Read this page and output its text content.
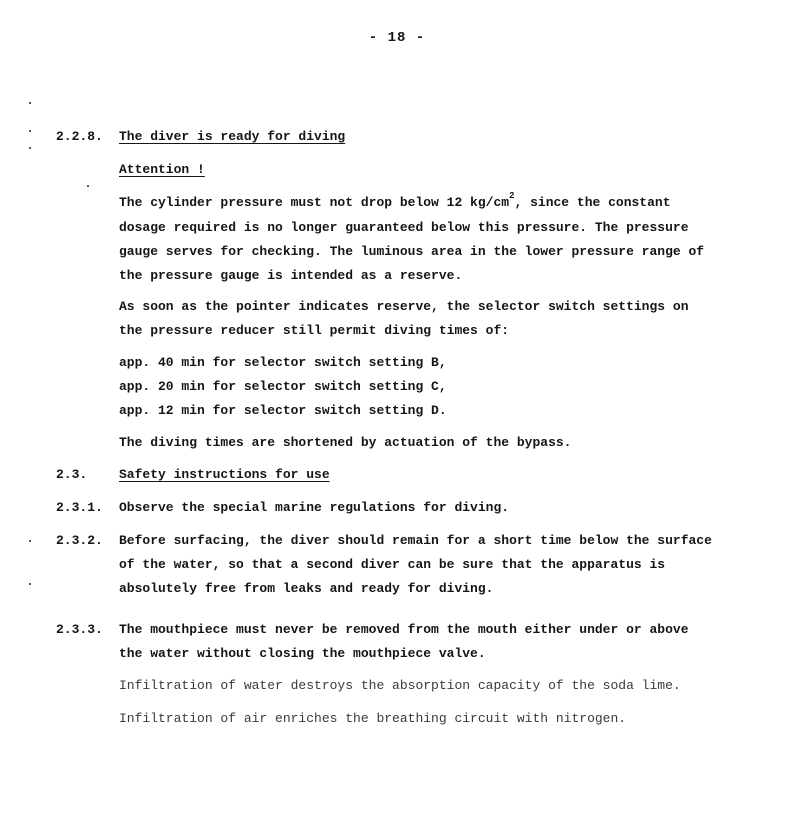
- 18 -
2.2.8. The diver is ready for diving
Attention !
The cylinder pressure must not drop below 12 $kg/cm^2$, since the constant
dosage required is no longer guaranteed below this pressure. The pressure
gauge serves for checking. The luminous area in the lower pressure range of
the pressure gauge is intended as a reserve.
As soon as the pointer indicates reserve, the selector switch settings on
the pressure reducer still permit diving times of:
app. 40 min for selector switch setting B,
app. 20 min for selector switch setting C,
app. 12 min for selector switch setting D.
The diving times are shortened by actuation of the bypass.
2.3. Safety instructions for use
2.3.1. Observe the special marine regulations for diving.
2.3.2. Before surfacing, the diver should remain for a short time below the surface
of the water, so that a second diver can be sure that the apparatus is
absolutely free from leaks and ready for diving.
2.3.3. The mouthpiece must never be removed from the mouth either under or above
the water without closing the mouthpiece valve.
Infiltration of water destroys the absorption capacity of the soda lime.
Infiltration of air enriches the breathing circuit with nitrogen.
